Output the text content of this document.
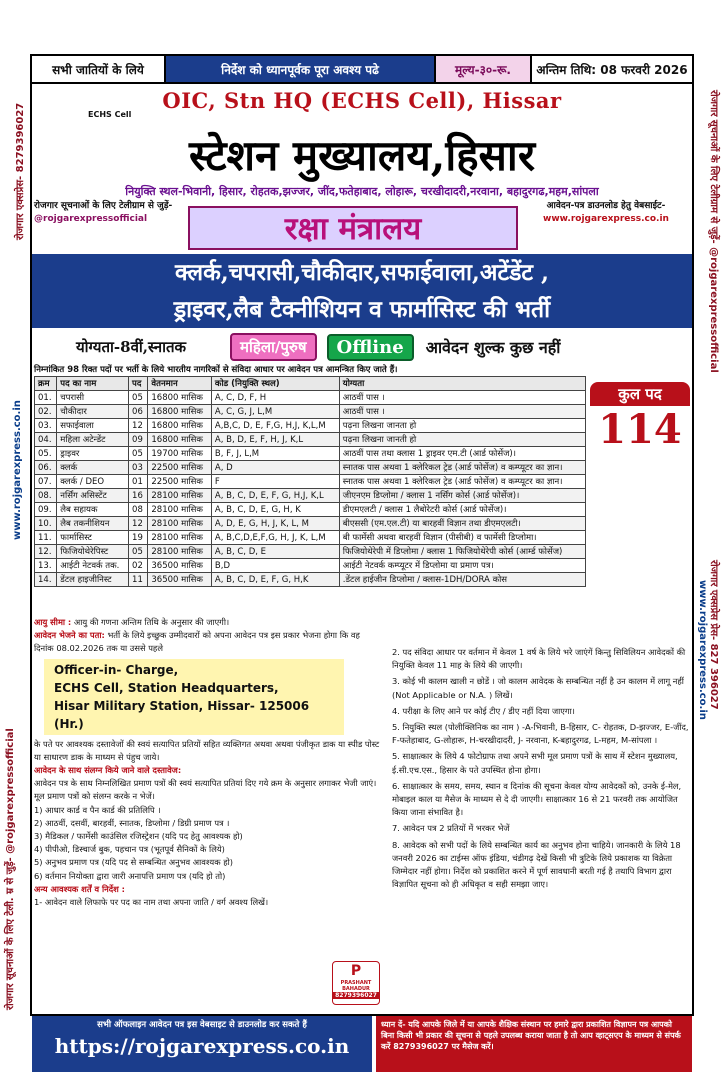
रोजगार सूचनाओं के लिए टेली. म्र से जुड़ें- @rojgarexpressofficial
www.rojgarexpress.co.in
रोजगार एक्सप्रेस- 8279396027
रोजगार एक्सप्रेस प्रेस- 827 396027
www.rojgarexpress.co.in
रोजगार सूचनाओं के लिए टेलीग्राम से जुड़ें- @rojgarexpressofficial
सभी जातियों के लिये	निर्देश को ध्यानपूर्वक पूरा अवश्य पढे	मूल्य-३०-रू.	अन्तिम तिथि: 08 फरवरी 2026
OIC, Stn HQ (ECHS Cell), Hissar
ECHS Cell
स्टेशन मुख्यालय,हिसार
नियुक्ति स्थल-भिवानी, हिसार, रोहतक,झज्जर, जींद,फतेहाबाद, लोहारू, चरखीदादरी,नरवाना, बहादुरगढ,महम,सांपला
रोजगार सूचनाओं के लिए टेलीग्राम से जुड़ें-
@rojgarexpressofficial
आवेदन-पत्र डाउनलोड हेतु वेबसाईट-
www.rojgarexpress.co.in
रक्षा मंत्रालय
क्लर्क,चपरासी,चौकीदार,सफाईवाला,अटेंडेंट ,
ड्राइवर,लैब टैक्नीशियन व फार्मासिस्ट की भर्ती
योग्यता-8वीं,स्नातक	महिला/पुरुष	Offline	आवेदन शुल्क कुछ नहीं
निम्नांकित 98 रिक्त पदों पर भर्ती के लिये भारतीय नागरिकों से संविदा आधार पर आवेदन पत्र आमन्त्रित किए जाते हैं।
क्रम	पद का नाम	पद	वेतनमान	कोड (नियुक्ति स्थल)	योग्यता
01.	चपरासी	05	16800 मासिक	A, C, D, F, H	आठवीं पास ।
02.	चौकीदार	06	16800 मासिक	A, C, G, J, L,M	आठवीं पास ।
03.	सफाईवाला	12	16800 मासिक	A,B,C, D, E, F,G, H,J, K,L,M	पढ़ना लिखना जानता हो
04.	महिला अटेन्डेंट	09	16800 मासिक	A, B, D, E, F, H, J, K,L	पढ़ना लिखना जानती हो
05.	ड्राइवर	05	19700 मासिक	B, F, J, L,M	आठवीं पास तथा क्लास 1 ड्राइवर एम.टी (आर्ड फोर्सेज)।
06.	क्लर्क	03	22500 मासिक	A, D	स्नातक पास अथवा 1 क्लेरिकल ट्रेड (आर्ड फोर्सेज) व कम्प्यूटर का ज्ञान।
07.	क्लर्क / DEO	01	22500 मासिक	F	स्नातक पास अथवा 1 क्लेरिकल ट्रेड (आर्ड फोर्सेज) व कम्प्यूटर का ज्ञान।
08.	नर्सिंग असिस्टेंट	16	28100 मासिक	A, B, C, D, E, F, G, H,J, K,L	जीएनएम डिप्लोमा / क्लास 1 नर्सिंग कोर्स (आर्ड फोर्सेज)।
09.	लैब सहायक	08	28100 मासिक	A, B, C, D, E, G, H, K	डीएमएलटी / क्लास 1 लैबोरेटरी कोर्स (आर्ड फोर्सेज)।
10.	लैब तकनीशियन	12	28100 मासिक	A, D, E, G, H, J, K, L, M	बीएससी (एम.एल.टी) या बारहवीं विज्ञान तथा डीएमएलटी।
11.	फार्मासिस्ट	19	28100 मासिक	A, B,C,D,E,F,G, H, J, K, L,M	बी फार्मेसी अथवा बारहवीं विज्ञान (पीसीबी) व फार्मेसी डिप्लोमा।
12.	फिजियोथेरेपिस्ट	05	28100 मासिक	A, B, C, D, E	फिजियोथेरेपी में डिप्लोमा / क्लास 1 फिजियोथेरेपी कोर्स (आर्म्ड फोर्सेज)
13.	आईटी नेटवर्क तक.	02	36500 मासिक	B,D	आईटी नेटवर्क कम्प्यूटर में डिप्लोमा या प्रमाण पत्र।
14.	डेंटल हाइजीनिस्ट	11	36500 मासिक	A, B, C, D, E, F, G, H,K	.डेंटल हाईजीन डिप्लोमा / क्लास-1DH/DORA कोस
कुल पद
114
आयु सीमा : आयु की गणना अन्तिम तिथि के अनुसार की जाएगी।
आवेदन भेजने का पता: भर्ती के लिये इच्छुक उम्मीदवारों को अपना आवेदन पत्र इस प्रकार भेजना होगा कि वह दिनांक 08.02.2026 तक या उससे पहले
Officer-in- Charge,
ECHS Cell, Station Headquarters,
Hisar Military Station, Hissar- 125006 (Hr.)
के पते पर आवश्यक दस्तावेजों की स्वयं सत्यापित प्रतियों सहित व्यक्तिगत अथवा अथवा पंजीकृत डाक या स्पीड पोस्ट या साधारण डाक के माध्यम से पंहुच जाये।
आवेदन के साथ संलग्न किये जाने वाले दस्तावेज:
आवेदन पत्र के साथ निम्नलिखित प्रमाण पत्रों की स्वयं सत्यापित प्रतियां दिए गये क्रम के अनुसार लगाकर भेजी जाएं। मूल प्रमाण पत्रों को संलग्न करके न भेजें।
1) आधार कार्ड व पैन कार्ड की प्रतिलिपि ।
2) आठवीं, दसवीं, बारहवीं, स्नातक, डिप्लोमा / डिग्री प्रमाण पत्र ।
3) मैडिकल / फार्मेसी काउंसिल रजिस्ट्रेशन (यदि पद हेतु आवश्यक हो)
4) पीपीओ, डिस्चार्ज बुक, पहचान पत्र (भूतपूर्व सैनिकों के लिये)
5) अनुभव प्रमाण पत्र (यदि पद से सम्बन्धित अनुभव आवश्यक हो)
6) वर्तमान नियोक्ता द्वारा जारी अनापत्ति प्रमाण पत्र (यदि हो तो)
अन्य आवश्यक शर्तें व निर्देश :
1- आवेदन वाले लिफाफे पर पद का नाम तथा अपना जाति / वर्ग अवश्य लिखें।
2. पद संविदा आधार पर वर्तमान में केवल 1 वर्ष के लिये भरे जाएंगें किन्तु सिविलियन आवेदकों की नियुक्ति केवल 11 माह के लिये की जाएगी।
3. कोई भी कालम खाली न छोडें । जो कालम आवेदक के सम्बन्धित नहीं है उन कालम में लागू नहीं (Not Applicable or N.A. ) लिखें।
4. परीक्षा के लिए आने पर कोई टीए / डीए नहीं दिया जाएगा।
5. नियुक्ति स्थल (पोलीक्लिनिक का नाम ) -A-भिवानी, B-हिसार, C- रोहतक, D-झज्जर, E-जींद, F-फतेहाबाद, G-लोहारू, H-चरखीदादरी, J- नरवाना, K-बहादुरगढ, L-महम, M-सांपला ।
5. साक्षात्कार के लिये 4 फोटोग्राफ तथा अपने सभी मूल प्रमाण पत्रों के साथ में स्टेशन मुख्यालय, ई.सी.एच.एस., हिसार के पते उपस्थित होना होगा।
6. साक्षात्कार के समय, समय, स्थान व दिनांक की सूचना केवल योग्य आवेदकों को, उनके ई-मेल, मोबाइल काल या मैसेज के माध्यम से दे दी जाएगी। साक्षात्कार 16 से 21 फरवरी तक आयोजित किया जाना संभावित है।
7. आवेदन पत्र 2 प्रतियों में भरकर भेजें
8. आवेदक को सभी पदों के लिये सम्बन्धित कार्य का अनुभव होना चाहिये। जानकारी के लिये 18 जनवरी 2026 का टाईम्स ऑफ इंडिया, चंडीगढ़ देखें किसी भी त्रुटिके लिये प्रकाशक या विक्रेता जिम्मेदार नहीं होगा। निर्देश को प्रकाशित करने में पूर्ण सावधानी बरती गई है तथापि विभाग द्वारा विज्ञापित सूचना को ही अधिकृत व सही समझा जाए।
P
PRASHANT BAHADUR
8279396027
सभी ऑफलाइन आवेदन पत्र इस वेबसाइट से डाउनलोड कर सकते हैं
https://rojgarexpress.co.in
ध्यान दें- यदि आपके जिले में या आपके शैक्षिक संस्थान पर हमारे द्वारा प्रकाशित विज्ञापन पत्र आपको बिना किसी भी प्रकार की सूचना से पहले उपलब्ध कराया जाता है तो आप व्हाट्सएप के माध्यम से संपर्क करें 8279396027 पर मैसेज करें।
